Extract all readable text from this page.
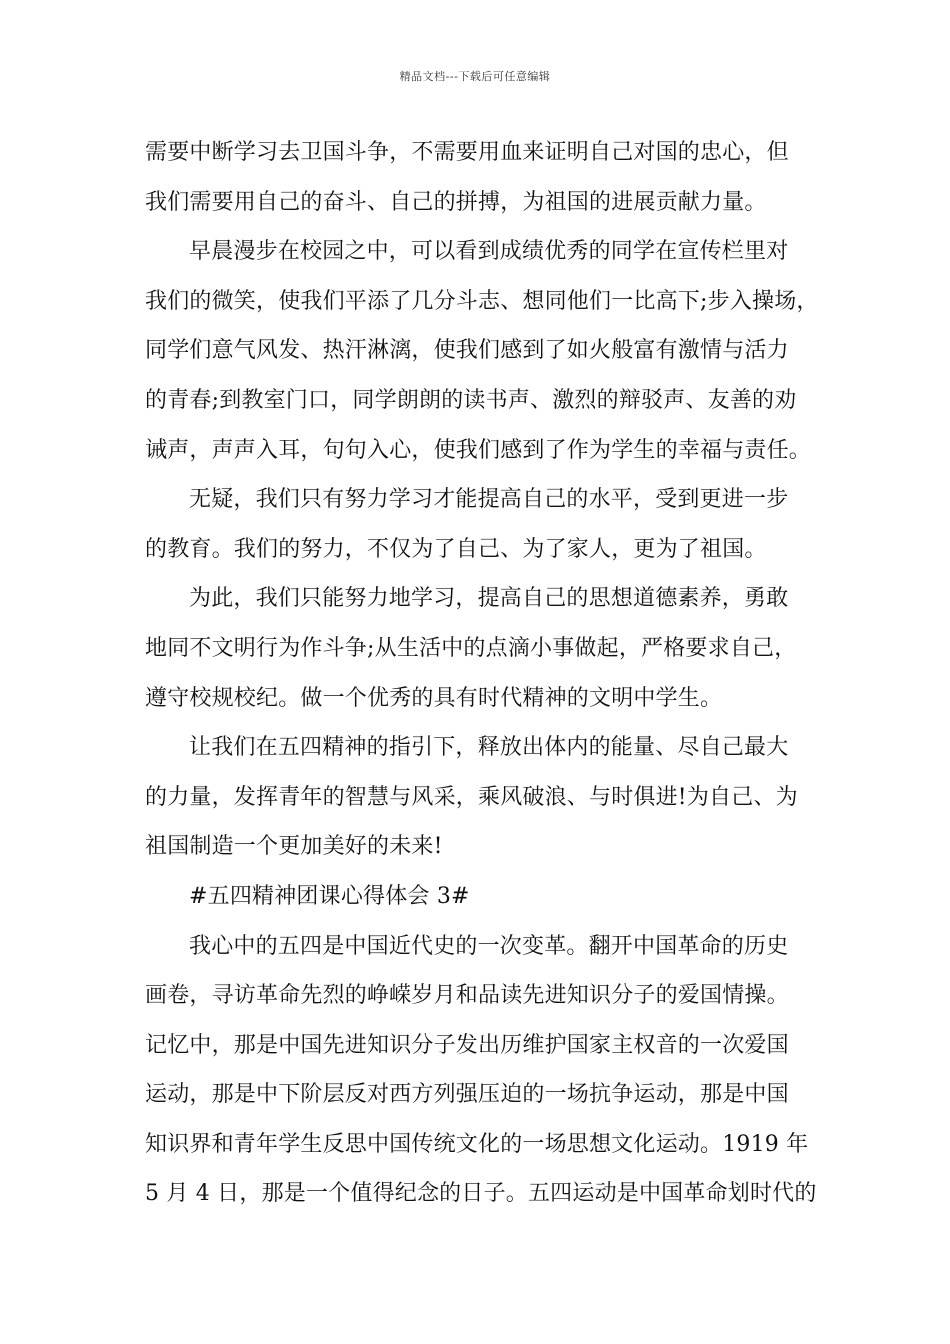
精品文档---下载后可任意编辑
需要中断学习去卫国斗争，不需要用血来证明自己对国的忠心，但
我们需要用自己的奋斗、自己的拼搏，为祖国的进展贡献力量。
早晨漫步在校园之中，可以看到成绩优秀的同学在宣传栏里对
我们的微笑，使我们平添了几分斗志、想同他们一比高下;步入操场，
同学们意气风发、热汗淋漓，使我们感到了如火般富有激情与活力
的青春;到教室门口，同学朗朗的读书声、激烈的辩驳声、友善的劝
诫声，声声入耳，句句入心，使我们感到了作为学生的幸福与责任。
无疑，我们只有努力学习才能提高自己的水平，受到更进一步
的教育。我们的努力，不仅为了自己、为了家人，更为了祖国。
为此，我们只能努力地学习，提高自己的思想道德素养，勇敢
地同不文明行为作斗争;从生活中的点滴小事做起，严格要求自己，
遵守校规校纪。做一个优秀的具有时代精神的文明中学生。
让我们在五四精神的指引下，释放出体内的能量、尽自己最大
的力量，发挥青年的智慧与风采，乘风破浪、与时俱进!为自己、为
祖国制造一个更加美好的未来!
#五四精神团课心得体会 3#
我心中的五四是中国近代史的一次变革。翻开中国革命的历史
画卷，寻访革命先烈的峥嵘岁月和品读先进知识分子的爱国情操。
记忆中，那是中国先进知识分子发出历维护国家主权音的一次爱国
运动，那是中下阶层反对西方列强压迫的一场抗争运动，那是中国
知识界和青年学生反思中国传统文化的一场思想文化运动。1919 年
5 月 4 日，那是一个值得纪念的日子。五四运动是中国革命划时代的
